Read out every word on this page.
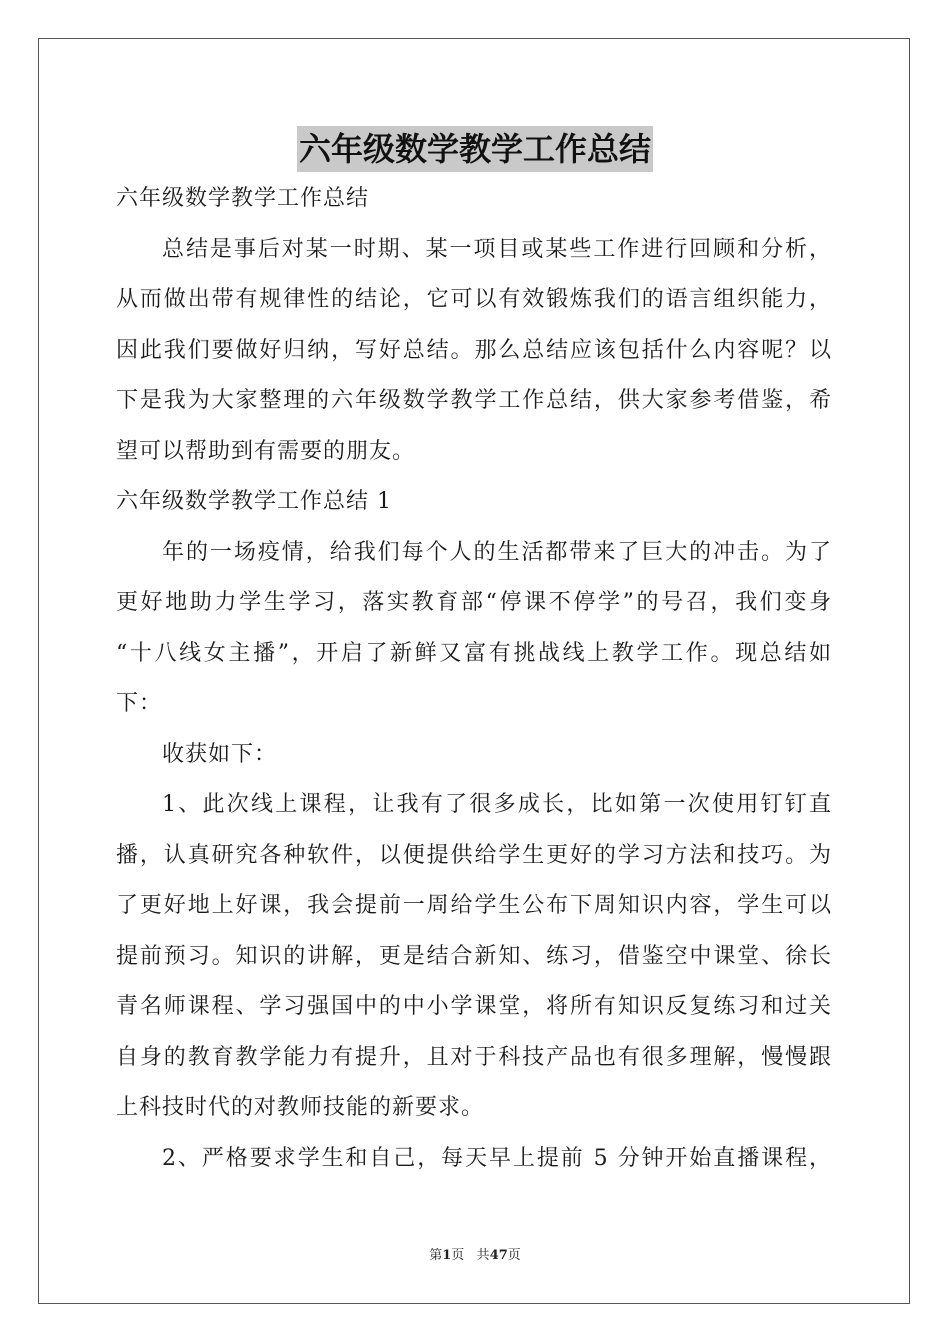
六年级数学教学工作总结
六年级数学教学工作总结
总结是事后对某一时期、某一项目或某些工作进行回顾和分析，
从而做出带有规律性的结论，它可以有效锻炼我们的语言组织能力，
因此我们要做好归纳，写好总结。那么总结应该包括什么内容呢？以
下是我为大家整理的六年级数学教学工作总结，供大家参考借鉴，希
望可以帮助到有需要的朋友。
六年级数学教学工作总结 1
年的一场疫情，给我们每个人的生活都带来了巨大的冲击。为了
更好地助力学生学习，落实教育部“停课不停学”的号召，我们变身
“十八线女主播”，开启了新鲜又富有挑战线上教学工作。现总结如
下：
收获如下：
1、此次线上课程，让我有了很多成长，比如第一次使用钉钉直
播，认真研究各种软件，以便提供给学生更好的学习方法和技巧。为
了更好地上好课，我会提前一周给学生公布下周知识内容，学生可以
提前预习。知识的讲解，更是结合新知、练习，借鉴空中课堂、徐长
青名师课程、学习强国中的中小学课堂，将所有知识反复练习和过关
自身的教育教学能力有提升，且对于科技产品也有很多理解，慢慢跟
上科技时代的对教师技能的新要求。
2、严格要求学生和自己，每天早上提前 5 分钟开始直播课程，
第1页 共47页
